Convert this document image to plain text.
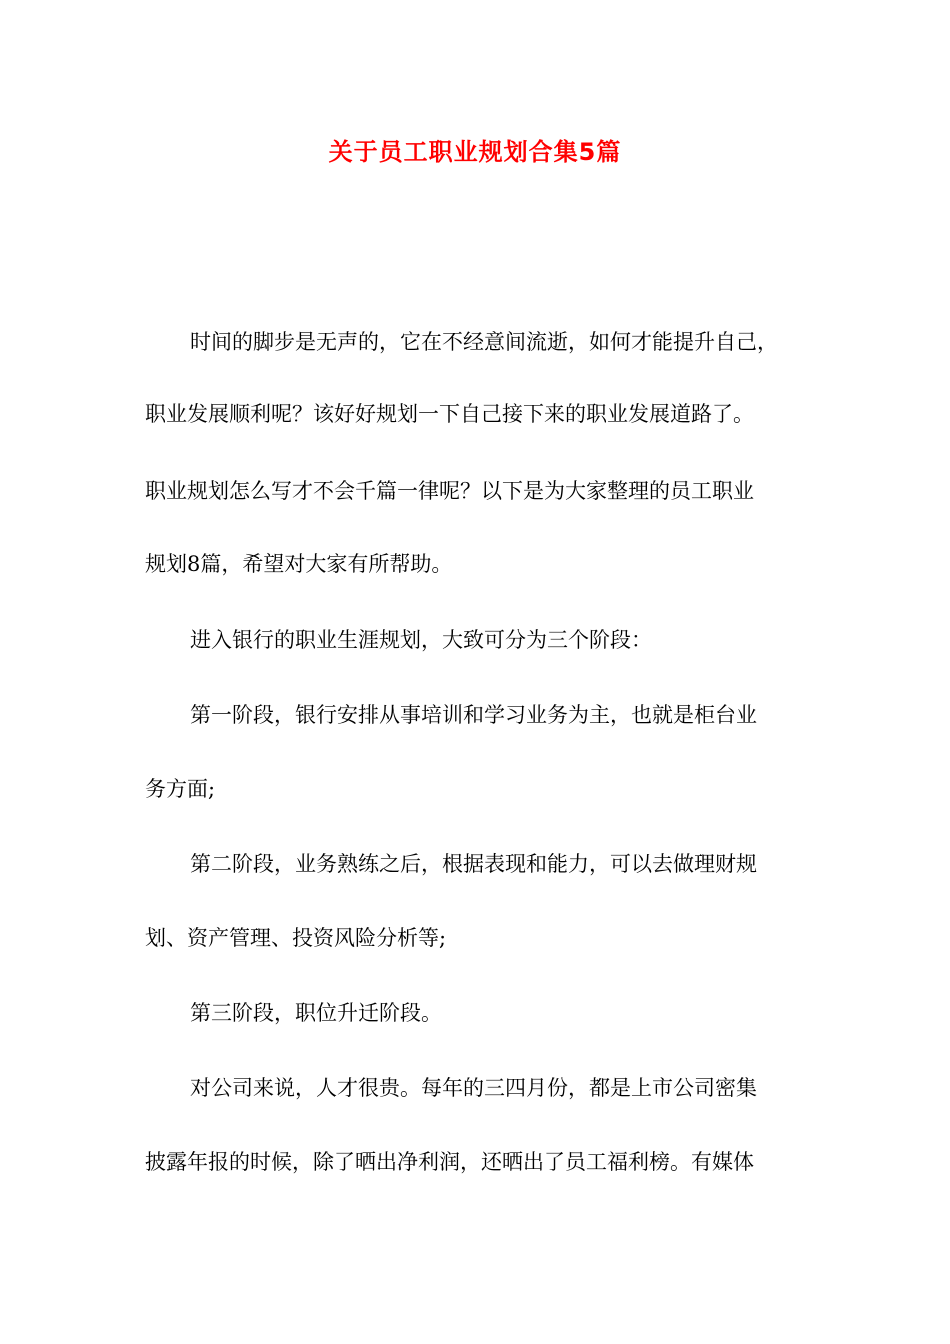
关于员工职业规划合集5篇
时间的脚步是无声的，它在不经意间流逝，如何才能提升自己，
职业发展顺利呢？该好好规划一下自己接下来的职业发展道路了。
职业规划怎么写才不会千篇一律呢？以下是为大家整理的员工职业
规划8篇，希望对大家有所帮助。
进入银行的职业生涯规划，大致可分为三个阶段：
第一阶段，银行安排从事培训和学习业务为主，也就是柜台业
务方面;
第二阶段，业务熟练之后，根据表现和能力，可以去做理财规
划、资产管理、投资风险分析等;
第三阶段，职位升迁阶段。
对公司来说，人才很贵。每年的三四月份，都是上市公司密集
披露年报的时候，除了晒出净利润，还晒出了员工福利榜。有媒体
